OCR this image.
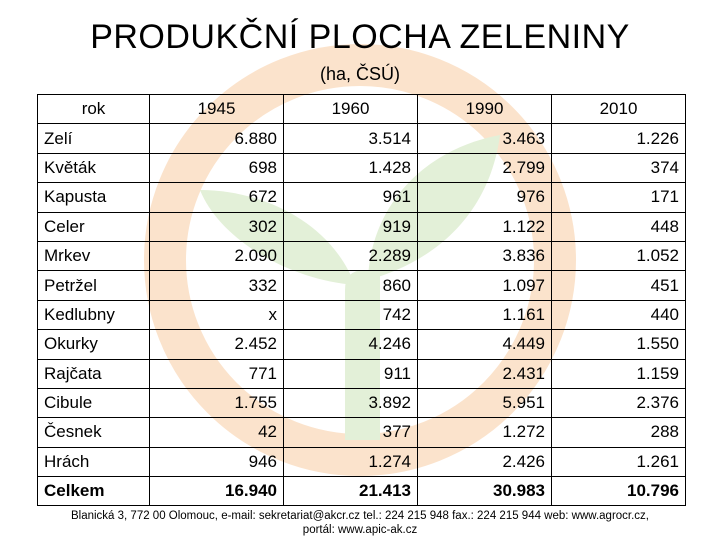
PRODUKČNÍ PLOCHA ZELENINY
(ha, ČSÚ)
rok	1945	1960	1990	2010
Zelí	6.880	3.514	3.463	1.226
Květák	698	1.428	2.799	374
Kapusta	672	961	976	171
Celer	302	919	1.122	448
Mrkev	2.090	2.289	3.836	1.052
Petržel	332	860	1.097	451
Kedlubny	x	742	1.161	440
Okurky	2.452	4.246	4.449	1.550
Rajčata	771	911	2.431	1.159
Cibule	1.755	3.892	5.951	2.376
Česnek	42	377	1.272	288
Hrách	946	1.274	2.426	1.261
Celkem	16.940	21.413	30.983	10.796
Blanická 3, 772 00 Olomouc, e-mail: sekretariat@akcr.cz tel.: 224 215 948 fax.: 224 215 944 web: www.agrocr.cz,
portál: www.apic-ak.cz
